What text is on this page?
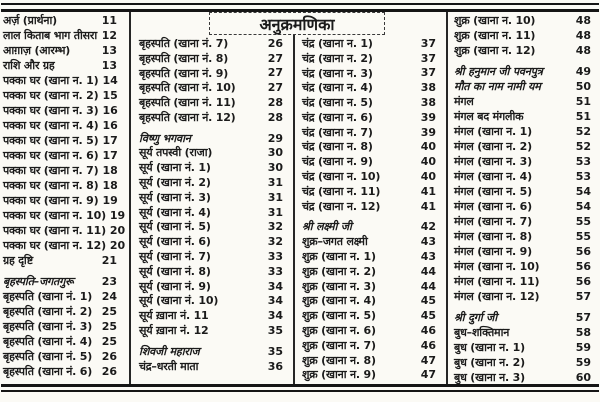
अनुक्रमणिका
अर्ज़ (प्रार्थना)	11
लाल किताब भाग तीसरा 12
आग़ाज़ (आरम्भ)	13
राशि और ग्रह	13
पक्का घर (खाना न. 1) 14
पक्का घर (खाना न. 2) 15
पक्का घर (खाना न. 3) 16
पक्का घर (खाना न. 4) 16
पक्का घर (खाना न. 5) 17
पक्का घर (खाना न. 6) 17
पक्का घर (खाना न. 7) 18
पक्का घर (खाना न. 8) 18
पक्का घर (खाना न. 9) 19
पक्का घर (खाना न. 10) 19
पक्का घर (खाना न. 11) 20
पक्का घर (खाना न. 12) 20
ग्रह दृष्टि	21
बृहस्पति–जगतगुरू	23
बृहस्पति (खाना नं. 1) 24
बृहस्पति (खाना नं. 2) 25
बृहस्पति (खाना नं. 3) 25
बृहस्पति (खाना नं. 4) 25
बृहस्पति (खाना नं. 5) 26
बृहस्पति (खाना नं. 6) 26
बृहस्पति (खाना नं. 7)	26
बृहस्पति (खाना नं. 8)	27
बृहस्पति (खाना नं. 9)	27
बृहस्पति (खाना नं. 10)	27
बृहस्पति (खाना नं. 11)	28
बृहस्पति (खाना नं. 12)	28
विष्णु भगवान	29
सूर्य तपस्वी (राजा)	30
सूर्य (खाना नं. 1)	30
सूर्य (खाना नं. 2)	31
सूर्य (खाना नं. 3)	31
सूर्य (खाना नं. 4)	31
सूर्य (खाना नं. 5)	32
सूर्य (खाना नं. 6)	32
सूर्य (खाना नं. 7)	33
सूर्य (खाना नं. 8)	33
सूर्य (खाना नं. 9)	34
सूर्य (खाना नं. 10)	34
सूर्य ख़ाना नं. 11	34
सूर्य ख़ाना नं. 12	35
शिवजी महाराज	35
चंद्र–धरती माता	36
चंद्र (खाना न. 1)	37
चंद्र (खाना न. 2)	37
चंद्र (खाना न. 3)	37
चंद्र (खाना न. 4)	38
चंद्र (खाना न. 5)	38
चंद्र (खाना न. 6)	39
चंद्र (खाना न. 7)	39
चंद्र (खाना न. 8)	40
चंद्र (खाना न. 9)	40
चंद्र (खाना न. 10)	40
चंद्र (खाना न. 11)	41
चंद्र (खाना न. 12)	41
श्री लक्ष्मी जी	42
शुक्र–जगत लक्ष्मी	43
शुक्र (खाना न. 1)	43
शुक्र (खाना न. 2)	44
शुक्र (खाना न. 3)	44
शुक्र (खाना न. 4)	45
शुक्र (खाना न. 5)	45
शुक्र (खाना न. 6)	46
शुक्र (खाना न. 7)	46
शुक्र (खाना न. 8)	47
शुक्र (खाना न. 9)	47
शुक्र (खाना न. 10)	48
शुक्र (खाना न. 11)	48
शुक्र (खाना न. 12)	48
श्री हनुमान जी पवनपुत्र	49
मौत का नाम नामी यम	50
मंगल	51
मंगल बद मंगलीक	51
मंगल (खाना न. 1)	52
मंगल (खाना न. 2)	52
मंगल (खाना न. 3)	53
मंगल (खाना न. 4)	53
मंगल (खाना न. 5)	54
मंगल (खाना न. 6)	54
मंगल (खाना न. 7)	55
मंगल (खाना न. 8)	55
मंगल (खाना न. 9)	56
मंगल (खाना न. 10)	56
मंगल (खाना न. 11)	56
मंगल (खाना न. 12)	57
श्री दुर्गा जी	57
बुध–शक्तिमान	58
बुध (खाना न. 1)	59
बुध (खाना न. 2)	59
बुध (खाना न. 3)	60
